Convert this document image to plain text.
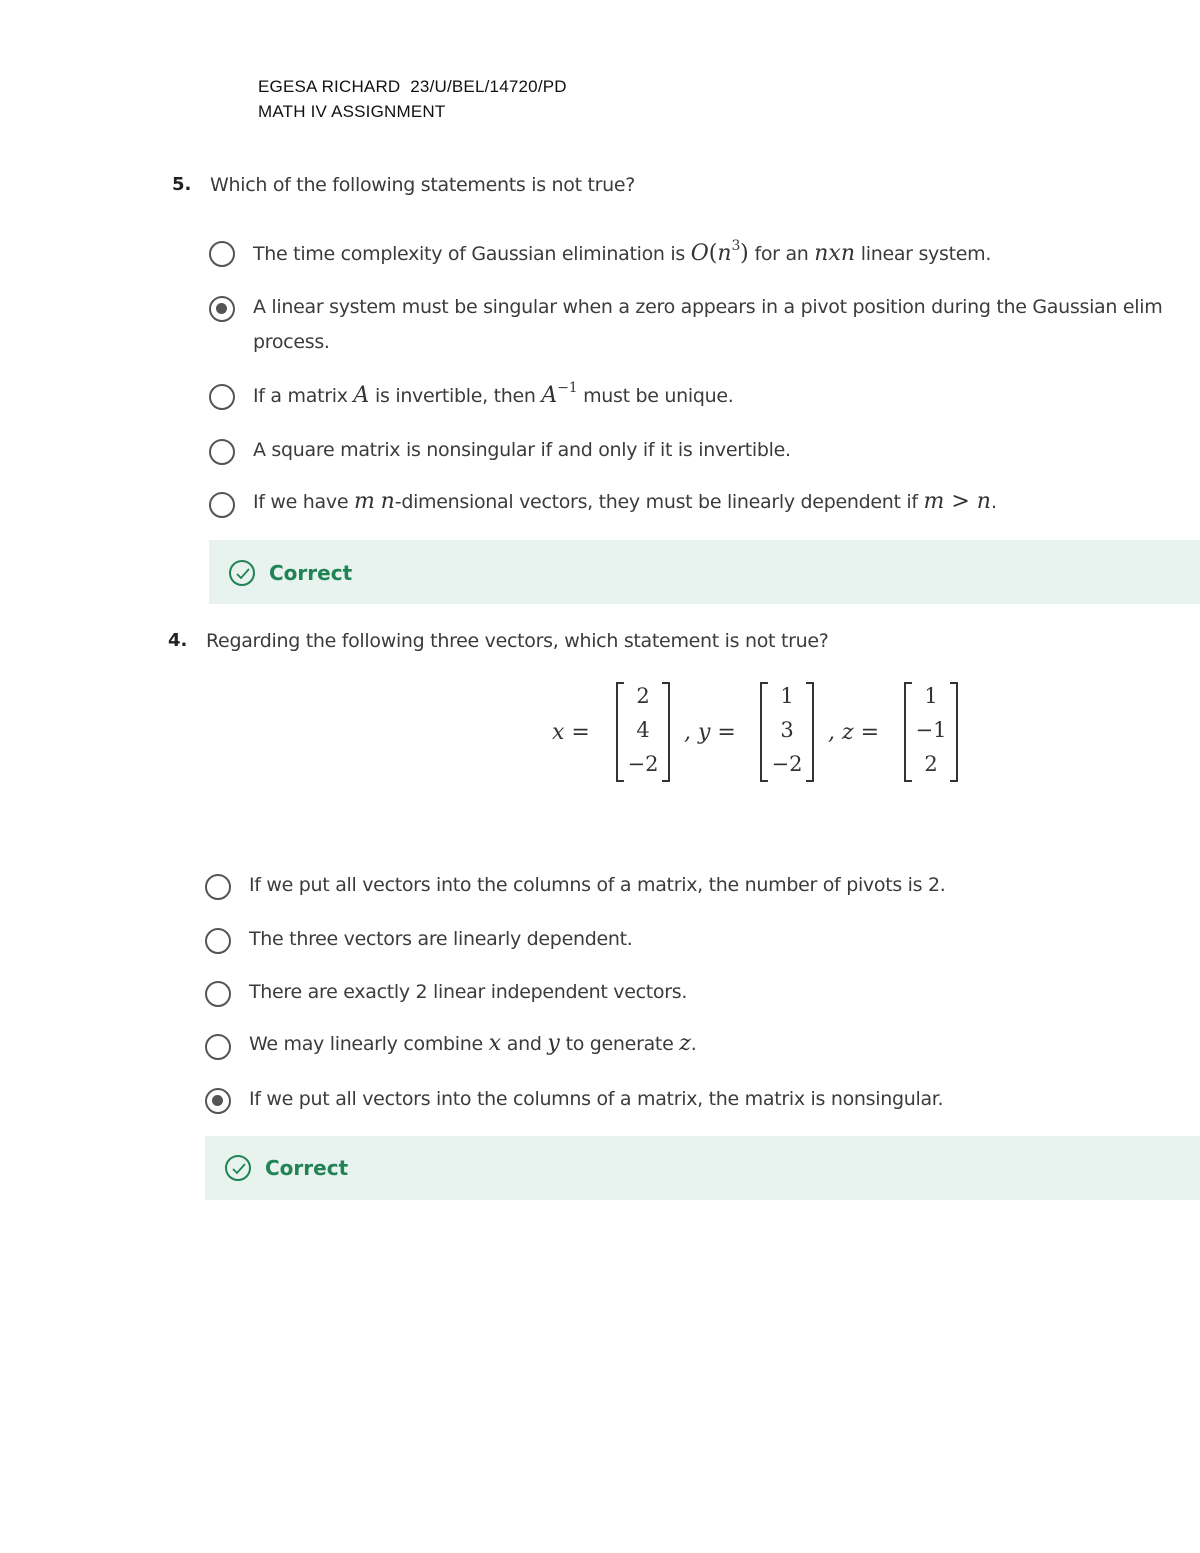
EGESA RICHARD  23/U/BEL/14720/PD
MATH IV ASSIGNMENT
5. Which of the following statements is not true?
The time complexity of Gaussian elimination is $O(n^3)$ for an nxn linear system.
A linear system must be singular when a zero appears in a pivot position during the Gaussian elim
process.
If a matrix A is invertible, then $A^{-1}$ must be unique.
A square matrix is nonsingular if and only if it is invertible.
If we have m n-dimensional vectors, they must be linearly dependent if m > n.
Correct
4. Regarding the following three vectors, which statement is not true?
x =
2
4
−2
, y =
1
3
−2
, z =
1
−1
2
If we put all vectors into the columns of a matrix, the number of pivots is 2.
The three vectors are linearly dependent.
There are exactly 2 linear independent vectors.
We may linearly combine x and y to generate z.
If we put all vectors into the columns of a matrix, the matrix is nonsingular.
Correct
